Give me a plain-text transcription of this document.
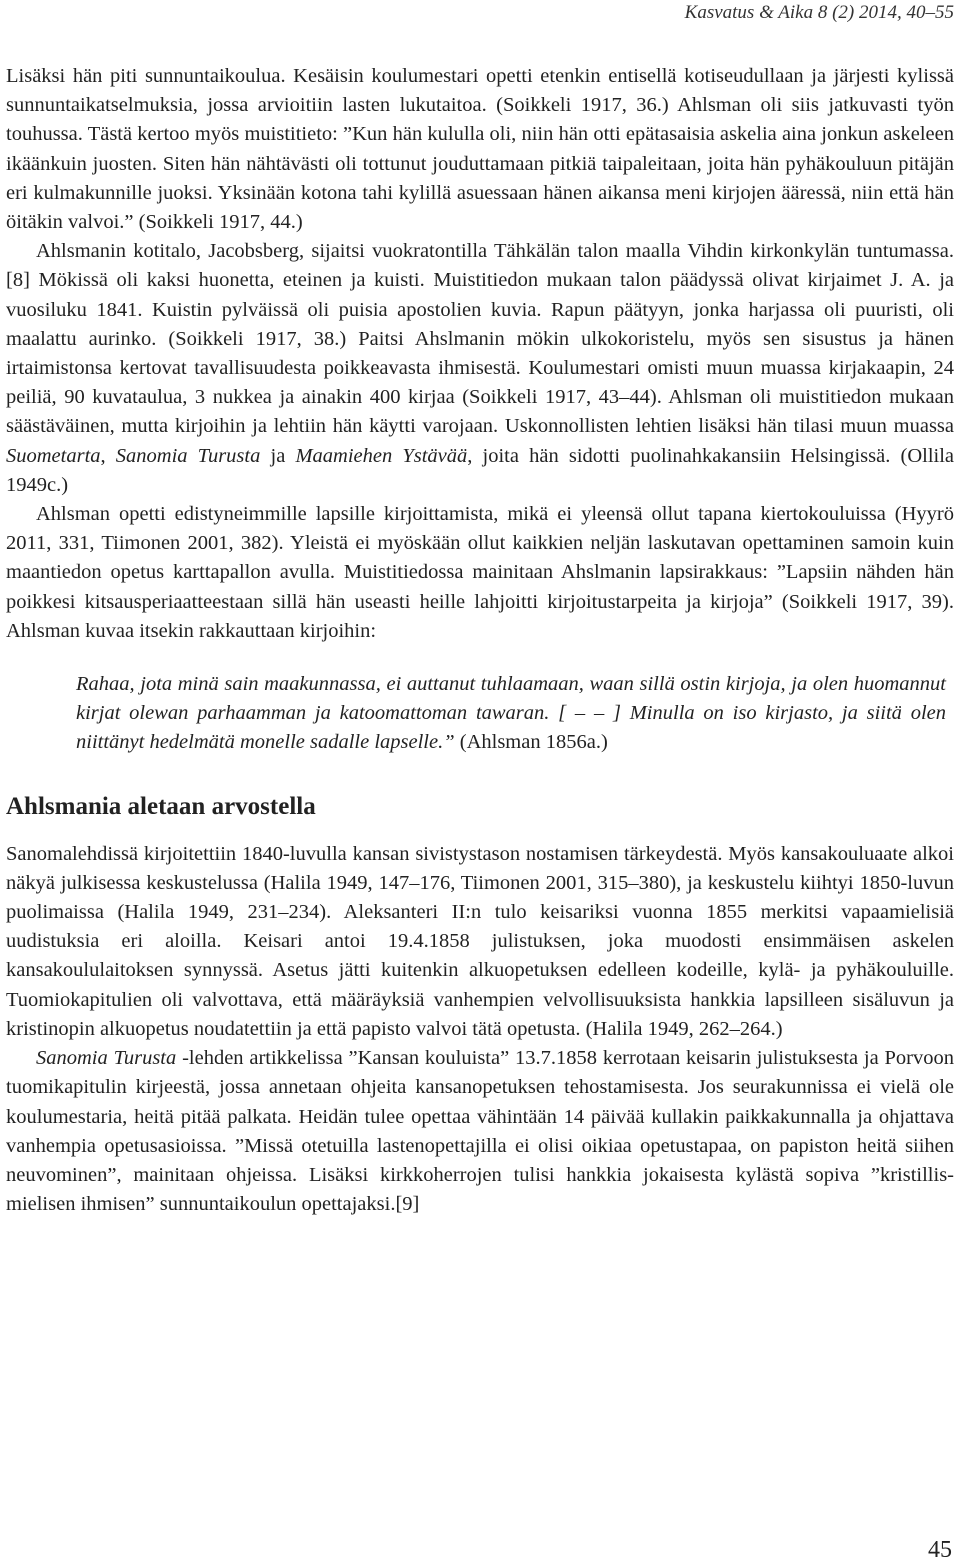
Kasvatus & Aika 8 (2) 2014, 40–55

Lisäksi hän piti sunnuntaikoulua. Kesäisin koulumestari opetti etenkin entisellä kotiseudullaan ja järjesti kylissä sunnuntaikatselmuksia, jossa arvioitiin lasten lukutaitoa. (Soikkeli 1917, 36.) Ahlsman oli siis jatkuvasti työn touhussa. Tästä kertoo myös muistitieto: ”Kun hän kululla oli, niin hän otti epätasaisia askelia aina jonkun askeleen ikäänkuin juosten. Siten hän nähtävästi oli tottunut jouduttamaan pitkiä taipaleitaan, joita hän pyhäkouluun pitäjän eri kulmakunnille juoksi. Yksinään kotona tahi kylillä asuessaan hänen aikansa meni kirjojen ääressä, niin että hän öitäkin valvoi.” (Soikkeli 1917, 44.)

Ahlsmanin kotitalo, Jacobsberg, sijaitsi vuokratontilla Tähkälän talon maalla Vihdin kirkonkylän tuntumassa.[8] Mökissä oli kaksi huonetta, eteinen ja kuisti. Muistitiedon mukaan talon päädyssä olivat kirjaimet J. A. ja vuosiluku 1841. Kuistin pylväissä oli puisia apostolien kuvia. Rapun päätyyn, jonka harjassa oli puuristi, oli maalattu aurinko. (Soikkeli 1917, 38.) Paitsi Ahslmanin mökin ulkokoristelu, myös sen sisustus ja hänen irtaimistonsa kertovat tavallisuudesta poikkeavasta ihmisestä. Koulumestari omisti muun muassa kirjakaapin, 24 peiliä, 90 kuvataulua, 3 nukkea ja ainakin 400 kirjaa (Soikkeli 1917, 43–44). Ahlsman oli muistitiedon mukaan säästäväinen, mutta kirjoihin ja lehtiin hän käytti varojaan. Uskonnollisten lehtien lisäksi hän tilasi muun muassa Suometarta, Sanomia Turusta ja Maamiehen Ystävää, joita hän sidotti puolinahkakansiin Helsingissä. (Ollila 1949c.)

Ahlsman opetti edistyneimmille lapsille kirjoittamista, mikä ei yleensä ollut tapana kiertokouluissa (Hyyrö 2011, 331, Tiimonen 2001, 382). Yleistä ei myöskään ollut kaikkien neljän laskutavan opettaminen samoin kuin maantiedon opetus karttapallon avulla. Muistitiedossa mainitaan Ahslmanin lapsirakkaus: ”Lapsiin nähden hän poikkesi kitsausperiaatteestaan sillä hän useasti heille lahjoitti kirjoitustarpeita ja kirjoja” (Soikkeli 1917, 39). Ahlsman kuvaa itsekin rakkauttaan kirjoihin:

Rahaa, jota minä sain maakunnassa, ei auttanut tuhlaamaan, waan sillä ostin kirjoja, ja olen huomannut kirjat olewan parhaamman ja katoomattoman tawaran. [ – – ] Minulla on iso kirjasto, ja siitä olen niittänyt hedelmätä monelle sadalle lapselle.” (Ahlsman 1856a.)

Ahlsmania aletaan arvostella

Sanomalehdissä kirjoitettiin 1840-luvulla kansan sivistystason nostamisen tärkeydestä. Myös kansakouluaate alkoi näkyä julkisessa keskustelussa (Halila 1949, 147–176, Tiimonen 2001, 315–380), ja keskustelu kiihtyi 1850-luvun puolimaissa (Halila 1949, 231–234). Aleksanteri II:n tulo keisariksi vuonna 1855 merkitsi vapaamielisiä uudistuksia eri aloilla. Keisari antoi 19.4.1858 julistuksen, joka muodosti ensimmäisen askelen kansakoululaitoksen synnyssä. Asetus jätti kuitenkin alkuopetuksen edelleen kodeille, kylä- ja pyhäkouluille. Tuomiokapitulien oli valvottava, että määräyksiä vanhempien velvollisuuksista hankkia lapsilleen sisäluvun ja kristinopin alkuopetus noudatettiin ja että papisto valvoi tätä opetusta. (Halila 1949, 262–264.)

Sanomia Turusta -lehden artikkelissa ”Kansan kouluista” 13.7.1858 kerrotaan keisarin julistuksesta ja Porvoon tuomikapitulin kirjeestä, jossa annetaan ohjeita kansanopetuksen tehostamisesta. Jos seurakunnissa ei vielä ole koulumestaria, heitä pitää palkata. Heidän tulee opettaa vähintään 14 päivää kullakin paikkakunnalla ja ohjattava vanhempia opetusasioissa. ”Missä otetuilla lastenopettajilla ei olisi oikiaa opetustapaa, on papiston heitä siihen neuvominen”, mainitaan ohjeissa. Lisäksi kirkkoherrojen tulisi hankkia jokaisesta kylästä sopiva ”kristillis-mielisen ihmisen” sunnuntaikoulun opettajaksi.[9]

45
